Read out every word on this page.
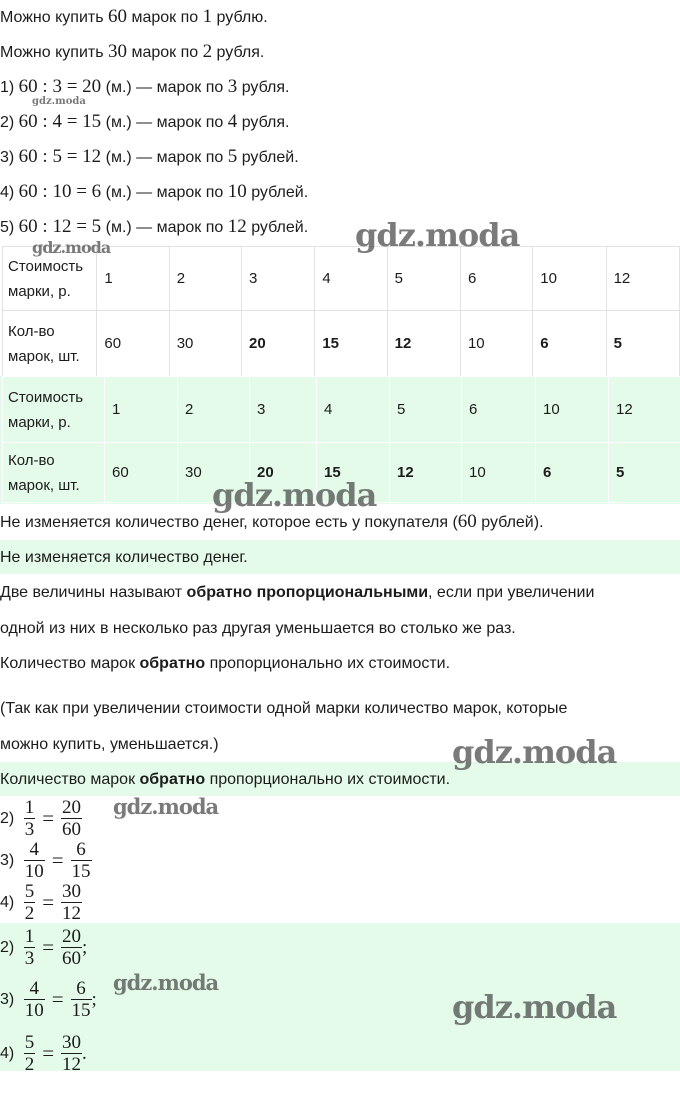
Можно купить 60 марок по 1 рублю.
Можно купить 30 марок по 2 рубля.
1) 60 : 3 = 20 (м.) — марок по 3 рубля.
2) 60 : 4 = 15 (м.) — марок по 4 рубля.
3) 60 : 5 = 12 (м.) — марок по 5 рублей.
4) 60 : 10 = 6 (м.) — марок по 10 рублей.
5) 60 : 12 = 5 (м.) — марок по 12 рублей.
Стоимость марки, р.	1	2	3	4	5	6	10	12
Кол-во марок, шт.	60	30	20	15	12	10	6	5
Стоимость марки, р.	1	2	3	4	5	6	10	12
Кол-во марок, шт.	60	30	20	15	12	10	6	5
Не изменяется количество денег, которое есть у покупателя (60 рублей).
Не изменяется количество денег.
Две величины называют обратно пропорциональными, если при увеличении
одной из них в несколько раз другая уменьшается во столько же раз.
Количество марок обратно пропорционально их стоимости.
(Так как при увеличении стоимости одной марки количество марок, которые
можно купить, уменьшается.)
Количество марок обратно пропорционально их стоимости.
$2) \frac{1}{3} = \frac{20}{60}$
$3) \frac{4}{10} = \frac{6}{15}$
$4) \frac{5}{2} = \frac{30}{12}$
$2) \frac{1}{3} = \frac{20}{60}$ ;
$3) \frac{4}{10} = \frac{6}{15}$ ;
$4) \frac{5}{2} = \frac{30}{12}$ .
gdz.moda
gdz.moda
gdz.moda
gdz.moda
gdz.moda
gdz.moda
gdz.moda
gdz.moda
